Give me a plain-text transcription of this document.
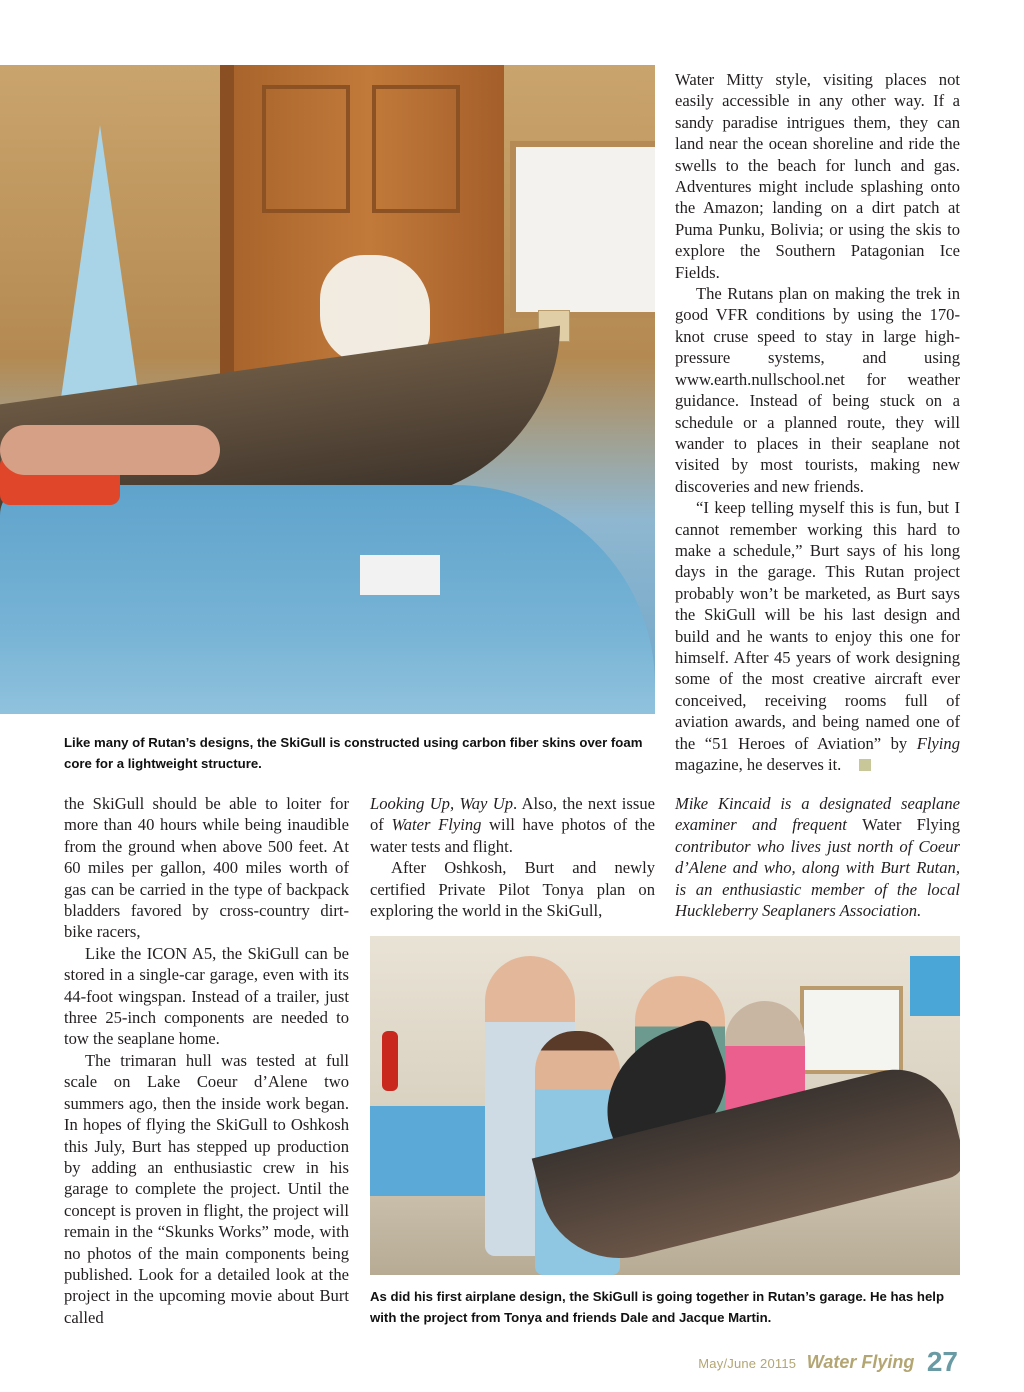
Like many of Rutan’s designs, the SkiGull is constructed using carbon fiber skins over foam core for a lightweight structure.

Water Mitty style, visiting places not easily accessible in any other way. If a sandy paradise intrigues them, they can land near the ocean shoreline and ride the swells to the beach for lunch and gas. Adventures might include splashing onto the Amazon; landing on a dirt patch at Puma Punku, Bolivia; or using the skis to explore the Southern Patagonian Ice Fields.

The Rutans plan on making the trek in good VFR conditions by using the 170-knot cruse speed to stay in large high-pressure systems, and using www.earth.nullschool.net for weather guidance. Instead of being stuck on a schedule or a planned route, they will wander to places in their seaplane not visited by most tourists, making new discoveries and new friends.

“I keep telling myself this is fun, but I cannot remember working this hard to make a schedule,” Burt says of his long days in the garage. This Rutan project probably won’t be marketed, as Burt says the SkiGull will be his last design and build and he wants to enjoy this one for himself. After 45 years of work designing some of the most creative aircraft ever conceived, receiving rooms full of aviation awards, and being named one of the “51 Heroes of Aviation” by Flying magazine, he deserves it.

the SkiGull should be able to loiter for more than 40 hours while being inaudible from the ground when above 500 feet. At 60 miles per gallon, 400 miles worth of gas can be carried in the type of backpack bladders favored by cross-country dirt-bike racers,

Like the ICON A5, the SkiGull can be stored in a single-car garage, even with its 44-foot wingspan. Instead of a trailer, just three 25-inch components are needed to tow the seaplane home.

The trimaran hull was tested at full scale on Lake Coeur d’Alene two summers ago, then the inside work began. In hopes of flying the SkiGull to Oshkosh this July, Burt has stepped up production by adding an enthusiastic crew in his garage to complete the project. Until the concept is proven in flight, the project will remain in the “Skunks Works” mode, with no photos of the main components being published. Look for a detailed look at the project in the upcoming movie about Burt called

Looking Up, Way Up. Also, the next issue of Water Flying will have photos of the water tests and flight.

After Oshkosh, Burt and newly certified Private Pilot Tonya plan on exploring the world in the SkiGull,

Mike Kincaid is a designated seaplane examiner and frequent Water Flying contributor who lives just north of Coeur d’Alene and who, along with Burt Rutan, is an enthusiastic member of the local Huckleberry Seaplaners Association.

As did his first airplane design, the SkiGull is going together in Rutan’s garage. He has help with the project from Tonya and friends Dale and Jacque Martin.

May/June 20115 Water Flying 27
